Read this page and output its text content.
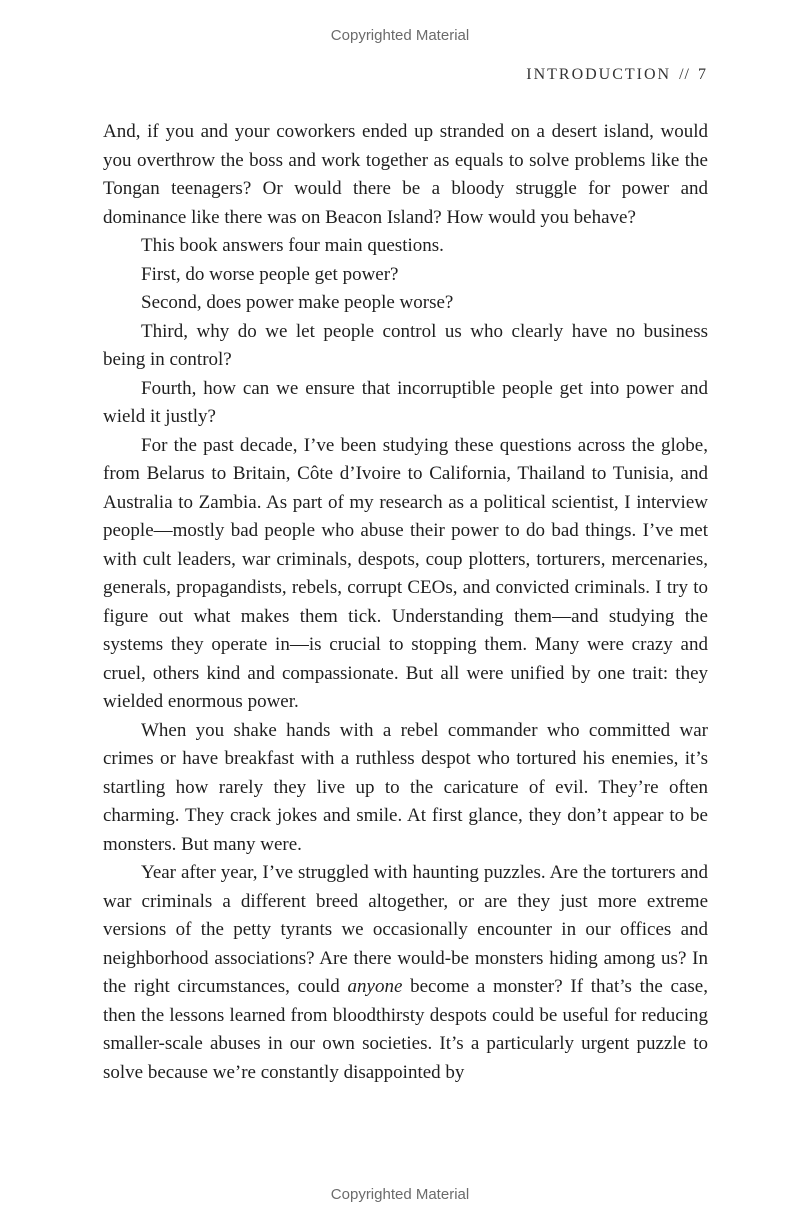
Copyrighted Material
INTRODUCTION // 7

And, if you and your coworkers ended up stranded on a desert island, would you overthrow the boss and work together as equals to solve problems like the Tongan teenagers? Or would there be a bloody struggle for power and dominance like there was on Beacon Island? How would you behave?

This book answers four main questions.

First, do worse people get power?

Second, does power make people worse?

Third, why do we let people control us who clearly have no business being in control?

Fourth, how can we ensure that incorruptible people get into power and wield it justly?

For the past decade, I’ve been studying these questions across the globe, from Belarus to Britain, Côte d’Ivoire to California, Thailand to Tunisia, and Australia to Zambia. As part of my research as a political scientist, I interview people—mostly bad people who abuse their power to do bad things. I’ve met with cult leaders, war criminals, despots, coup plotters, torturers, mercenaries, generals, propagandists, rebels, corrupt CEOs, and convicted criminals. I try to figure out what makes them tick. Understanding them—and studying the systems they operate in—is crucial to stopping them. Many were crazy and cruel, others kind and compassionate. But all were unified by one trait: they wielded enormous power.

When you shake hands with a rebel commander who committed war crimes or have breakfast with a ruthless despot who tortured his enemies, it’s startling how rarely they live up to the caricature of evil. They’re often charming. They crack jokes and smile. At first glance, they don’t appear to be monsters. But many were.

Year after year, I’ve struggled with haunting puzzles. Are the torturers and war criminals a different breed altogether, or are they just more extreme versions of the petty tyrants we occasionally encounter in our offices and neighborhood associations? Are there would-be monsters hiding among us? In the right circumstances, could anyone become a monster? If that’s the case, then the lessons learned from bloodthirsty despots could be useful for reducing smaller-scale abuses in our own societies. It’s a particularly urgent puzzle to solve because we’re constantly disappointed by

Copyrighted Material
